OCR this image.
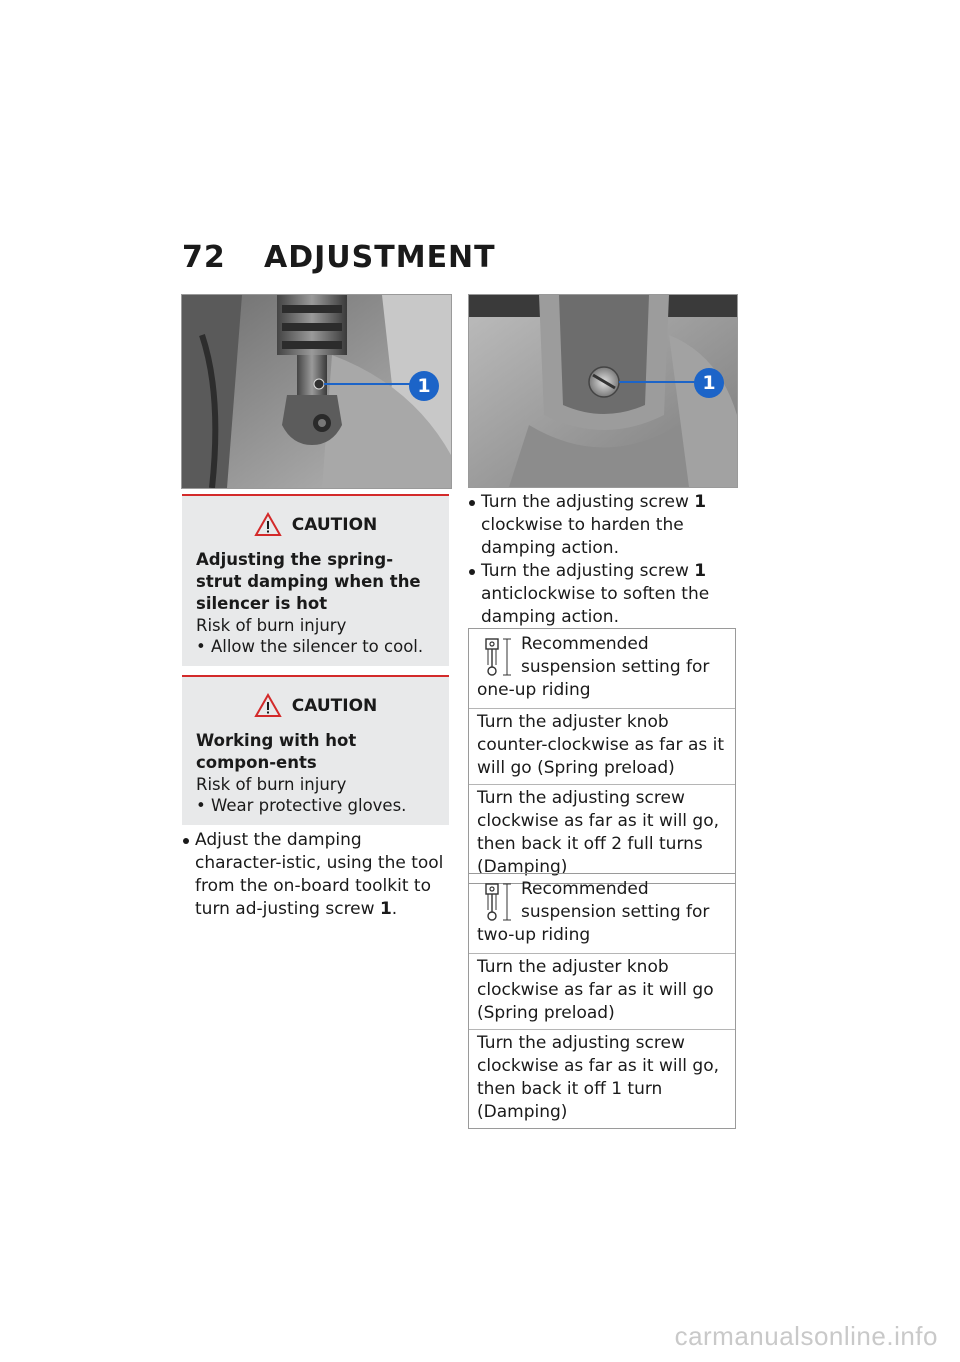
72 ADJUSTMENT
1	1
CAUTION
Adjusting the spring-strut damping when the silencer is hot
Risk of burn injury
• Allow the silencer to cool.
CAUTION
Working with hot compon-ents
Risk of burn injury
• Wear protective gloves.
Adjust the damping character-istic, using the tool from the on-board toolkit to turn ad-justing screw 1.
Turn the adjusting screw 1 clockwise to harden the damping action.
Turn the adjusting screw 1 anticlockwise to soften the damping action.
Recommended
suspension setting for
one-up riding
Turn the adjuster knob counter-clockwise as far as it will go (Spring preload)
Turn the adjusting screw clockwise as far as it will go, then back it off 2 full turns (Damping)
Recommended
suspension setting for
two-up riding
Turn the adjuster knob clockwise as far as it will go (Spring preload)
Turn the adjusting screw clockwise as far as it will go, then back it off 1 turn (Damping)
carmanualsonline.info
